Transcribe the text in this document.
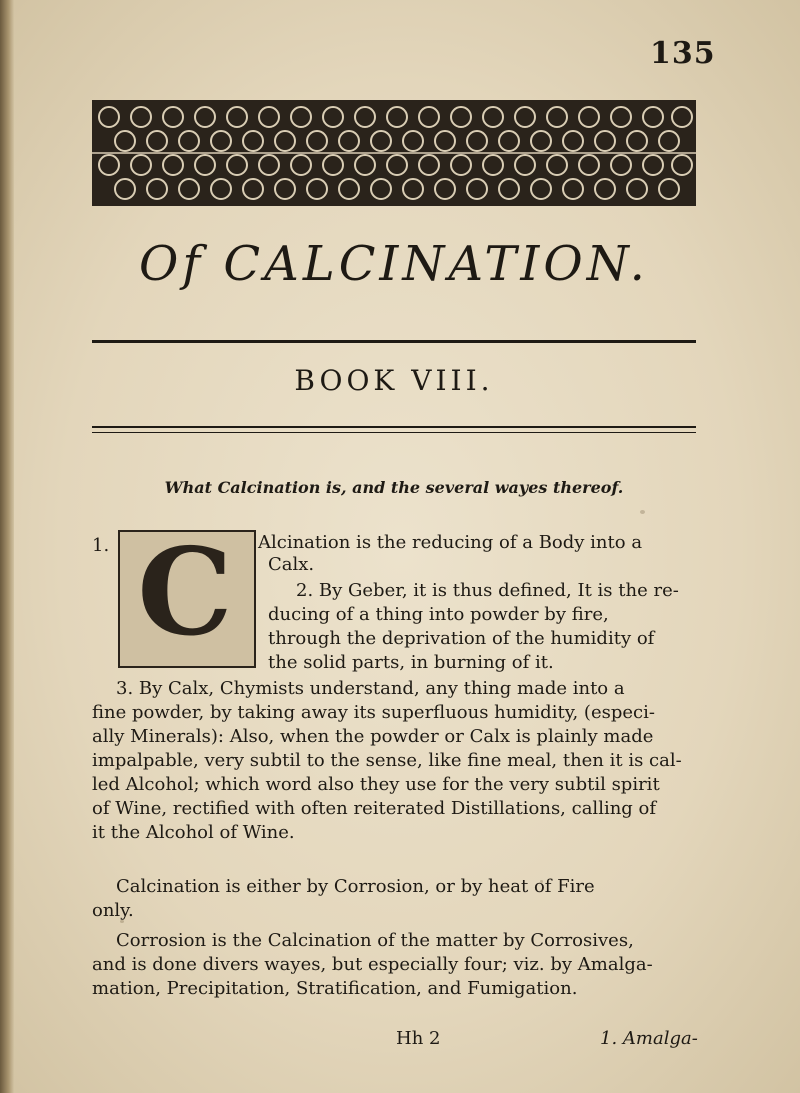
135
Of CALCINATION.
BOOK VIII.
What Calcination is, and the several wayes thereof.
1. C	Alcination is the reducing of a Body into a
Calx.
2. By Geber, it is thus defined, It is the re-
ducing of a thing into powder by fire,
through the deprivation of the humidity of
the solid parts, in burning of it.
3. By Calx, Chymists understand, any thing made into a
fine powder, by taking away its superfluous humidity, (especi-
ally Minerals): Also, when the powder or Calx is plainly made
impalpable, very subtil to the sense, like fine meal, then it is cal-
led Alcohol; which word also they use for the very subtil spirit
of Wine, rectified with often reiterated Distillations, calling of
it the Alcohol of Wine.
Calcination is either by Corrosion, or by heat of Fire
only.
Corrosion is the Calcination of the matter by Corrosives,
and is done divers wayes, but especially four; viz. by Amalga-
mation, Precipitation, Stratification, and Fumigation.
Hh 2	1. Amalga-
